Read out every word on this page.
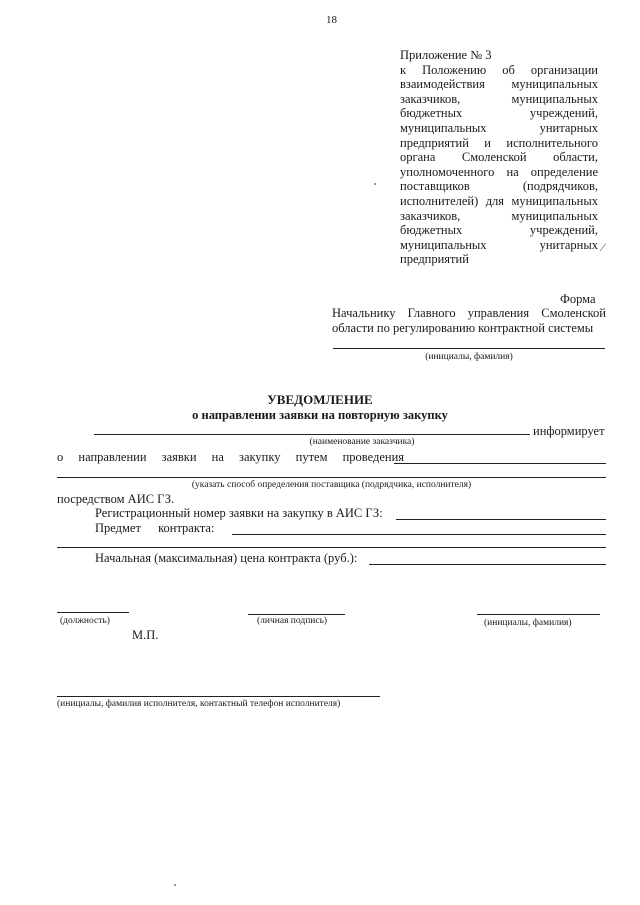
18
Приложение № 3
к Положению об организации взаимодействия муниципальных заказчиков, муниципальных бюджетных учреждений, муниципальных унитарных предприятий и исполнительного органа Смоленской области, уполномоченного на определение поставщиков (подрядчиков, исполнителей) для муниципальных заказчиков, муниципальных бюджетных учреждений, муниципальных унитарных
предприятий
⁄
Форма
Начальнику Главного управления Смоленской области по регулированию контрактной системы
(инициалы, фамилия)
УВЕДОМЛЕНИЕ
о направлении заявки на повторную закупку
информирует
(наименование заказчика)
о направлении заявки на закупку путем проведения
(указать способ определения поставщика (подрядчика, исполнителя)
посредством АИС ГЗ.
Регистрационный номер заявки на закупку в АИС ГЗ:
Предмет контракта:
Начальная (максимальная) цена контракта (руб.):
(должность)	(личная подпись)	(инициалы, фамилия)
М.П.
(инициалы, фамилия исполнителя, контактный телефон исполнителя)
